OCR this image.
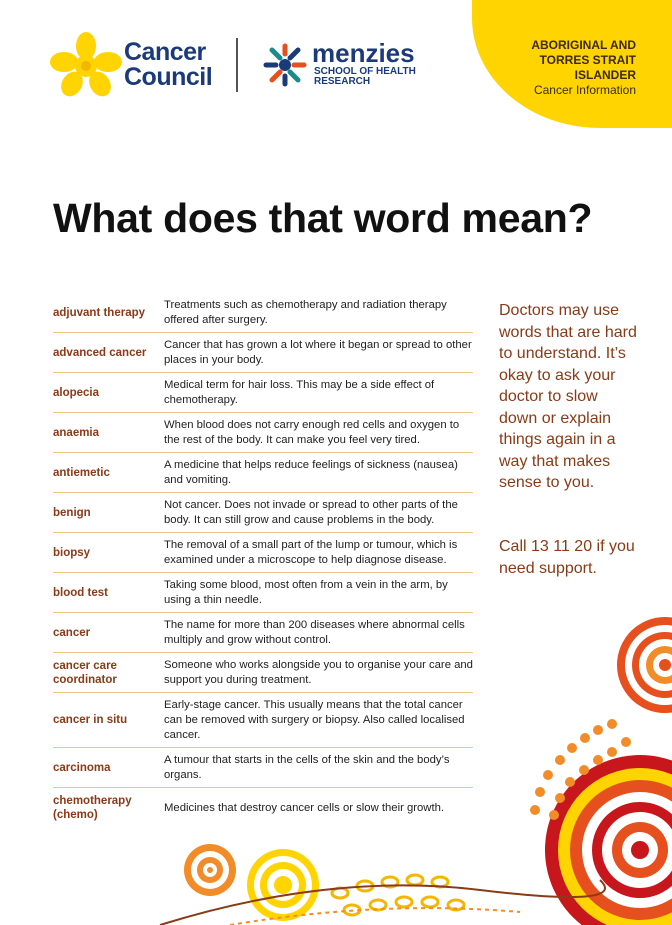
ABORIGINAL AND
TORRES STRAIT
ISLANDER
Cancer Information
Cancer
Council
menzies
SCHOOL OF HEALTH
RESEARCH
What does that word mean?
adjuvant therapy
Treatments such as chemotherapy and radiation therapy offered after surgery.
advanced cancer
Cancer that has grown a lot where it began or spread to other places in your body.
alopecia
Medical term for hair loss. This may be a side effect of chemotherapy.
anaemia
When blood does not carry enough red cells and oxygen to the rest of the body. It can make you feel very tired.
antiemetic
A medicine that helps reduce feelings of sickness (nausea) and vomiting.
benign
Not cancer. Does not invade or spread to other parts of the body. It can still grow and cause problems in the body.
biopsy
The removal of a small part of the lump or tumour, which is examined under a microscope to help diagnose disease.
blood test
Taking some blood, most often from a vein in the arm, by using a thin needle.
cancer
The name for more than 200 diseases where abnormal cells multiply and grow without control.
cancer care coordinator
Someone who works alongside you to organise your care and support you during treatment.
cancer in situ
Early-stage cancer. This usually means that the total cancer can be removed with surgery or biopsy. Also called localised cancer.
carcinoma
A tumour that starts in the cells of the skin and the body’s organs.
chemotherapy (chemo)
Medicines that destroy cancer cells or slow their growth.
Doctors may use words that are hard to understand. It’s okay to ask your doctor to slow down or explain things again in a way that makes sense to you.
Call 13 11 20 if you need support.
